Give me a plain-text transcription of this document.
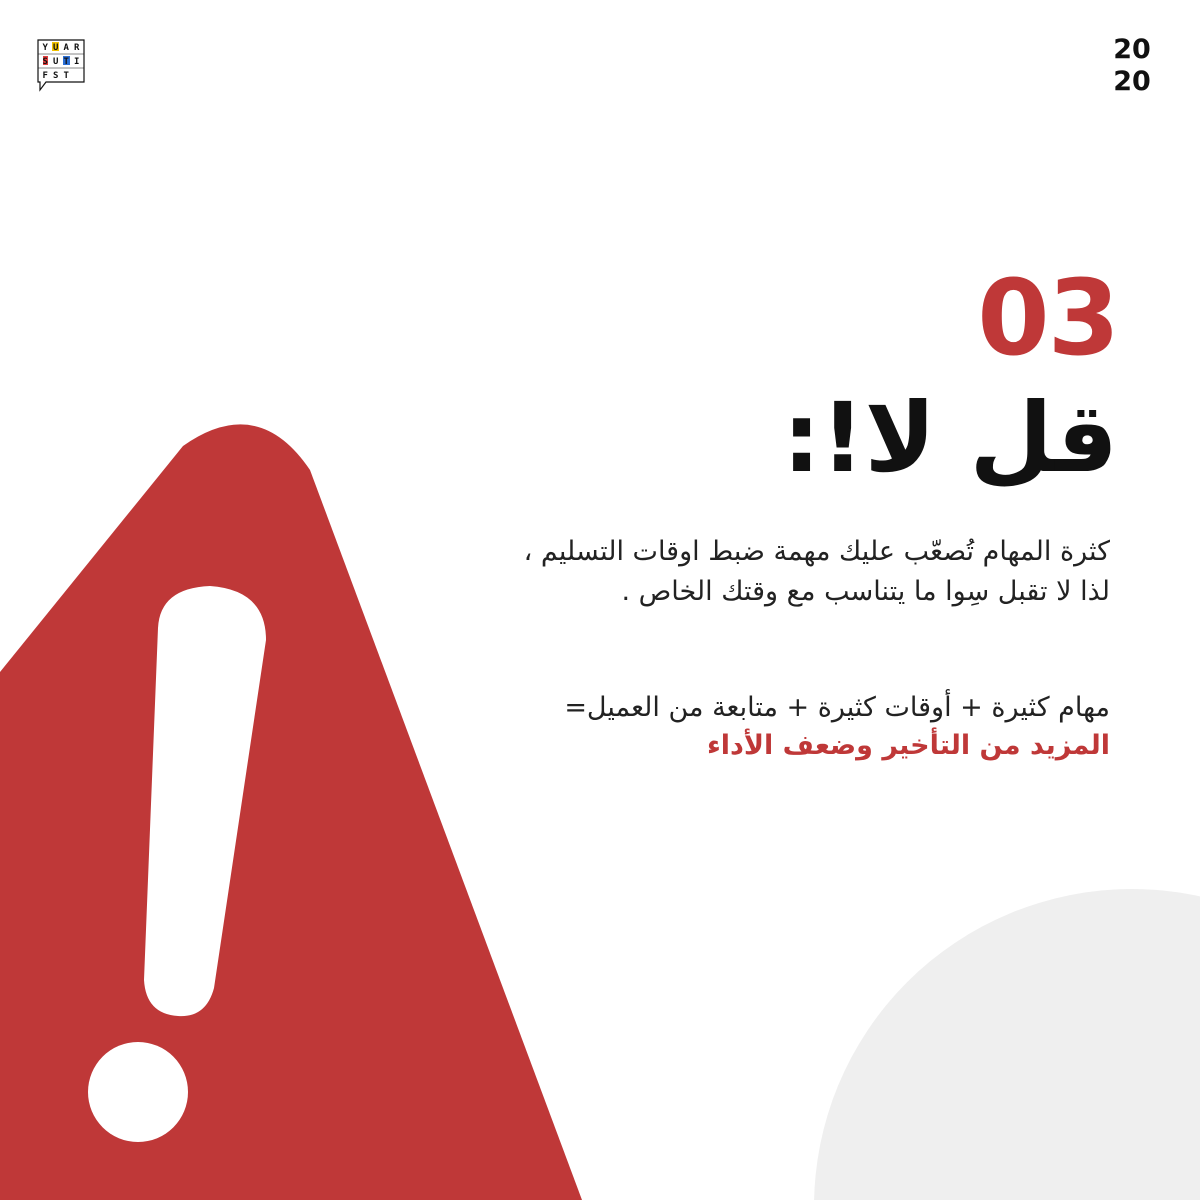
Y U A R
S U T I
F S T
20
20
03
قل لا!:

كثرة المهام تُصعّب عليك مهمة ضبط اوقات التسليم ، لذا لا تقبل سِوا ما يتناسب مع وقتك الخاص .

مهام كثيرة + أوقات كثيرة + متابعة من العميل=

المزيد من التأخير وضعف الأداء
